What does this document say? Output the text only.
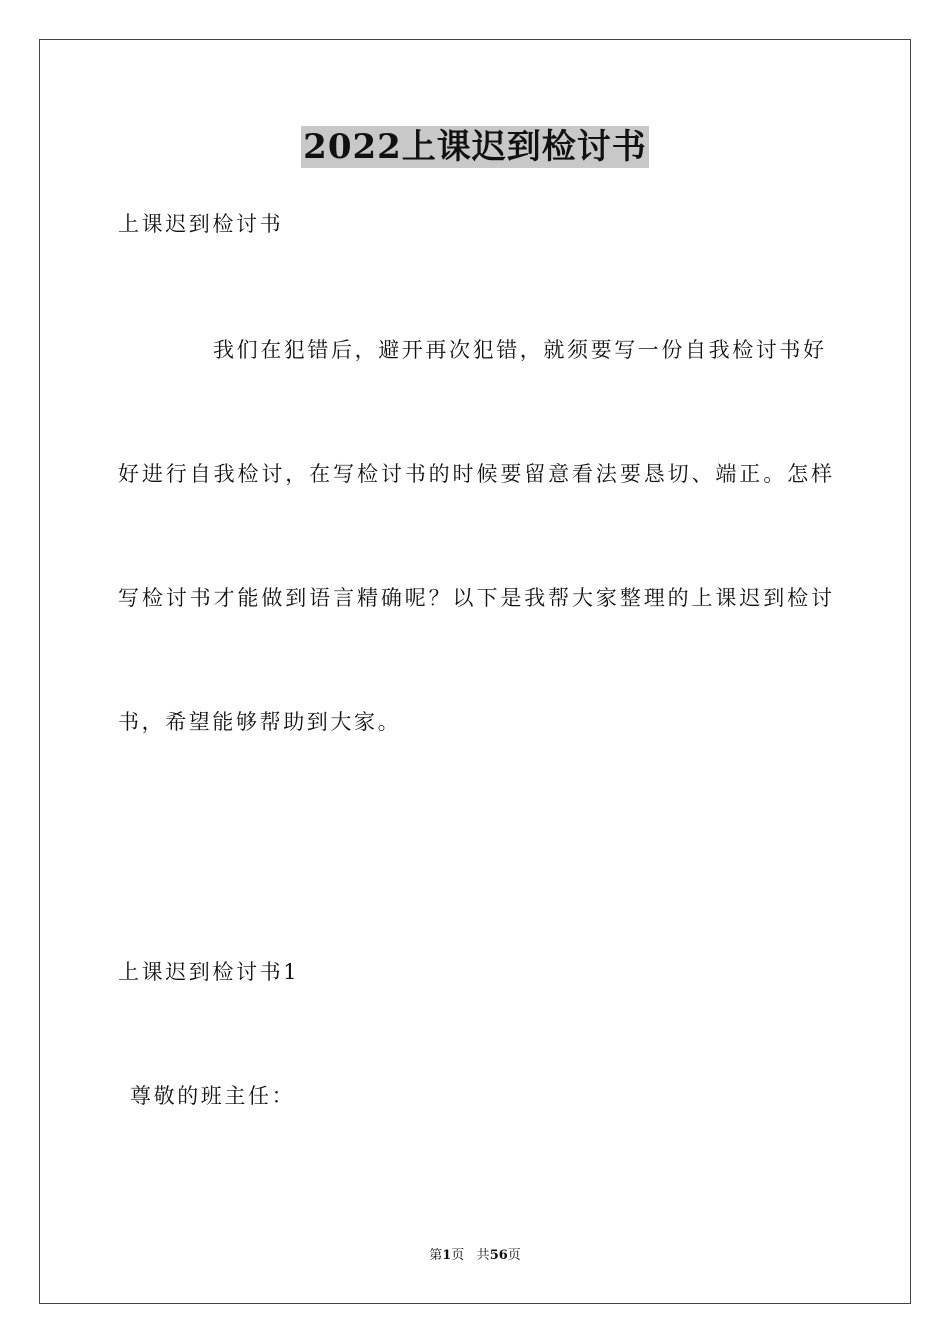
2022上课迟到检讨书
上课迟到检讨书
我们在犯错后，避开再次犯错，就须要写一份自我检讨书好
好进行自我检讨，在写检讨书的时候要留意看法要恳切、端正。怎样
写检讨书才能做到语言精确呢？以下是我帮大家整理的上课迟到检讨
书，希望能够帮助到大家。
上课迟到检讨书1
尊敬的班主任：
第1页 共56页
